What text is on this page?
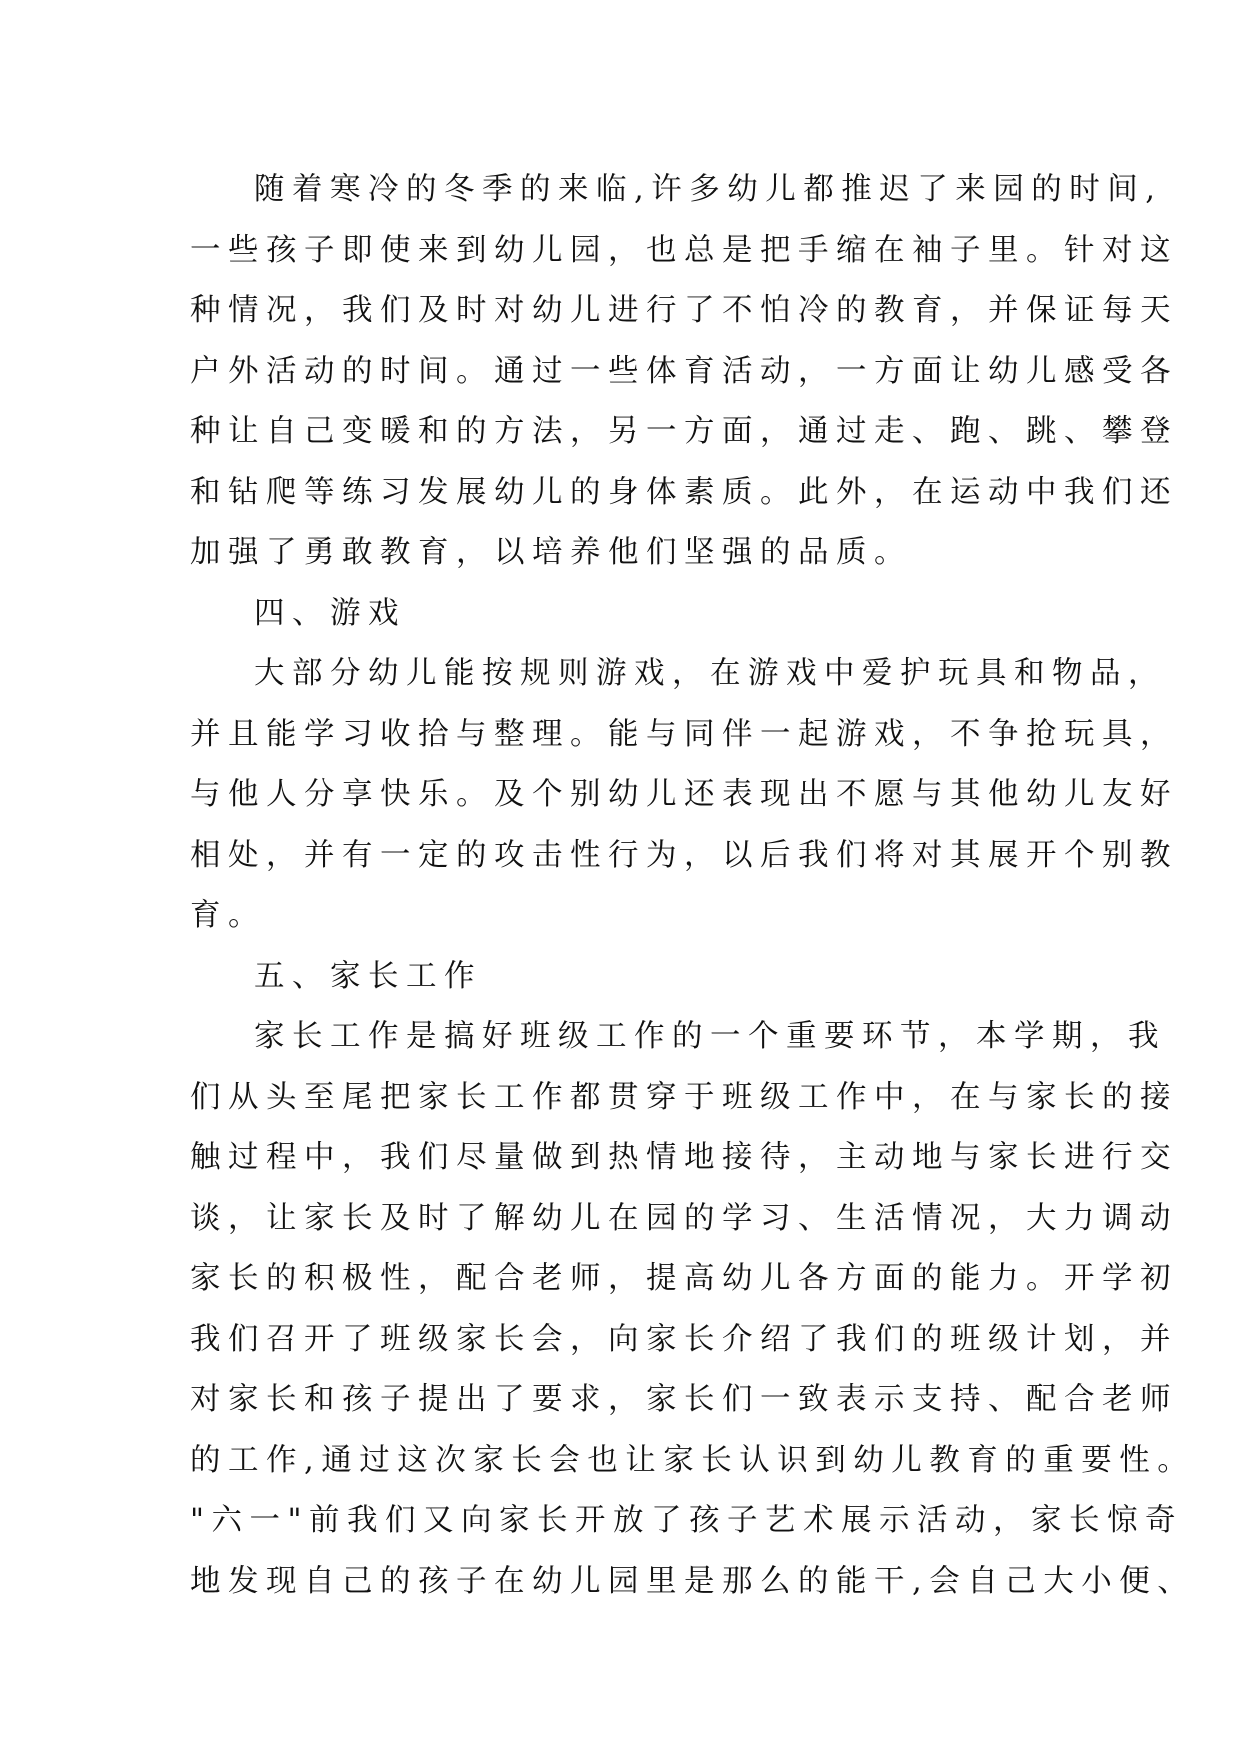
随着寒冷的冬季的来临,许多幼儿都推迟了来园的时间,
一些孩子即使来到幼儿园，也总是把手缩在袖子里。针对这
种情况，我们及时对幼儿进行了不怕冷的教育，并保证每天
户外活动的时间。通过一些体育活动，一方面让幼儿感受各
种让自己变暖和的方法，另一方面，通过走、跑、跳、攀登
和钻爬等练习发展幼儿的身体素质。此外，在运动中我们还
加强了勇敢教育，以培养他们坚强的品质。
四、游戏
大部分幼儿能按规则游戏，在游戏中爱护玩具和物品，
并且能学习收拾与整理。能与同伴一起游戏，不争抢玩具，
与他人分享快乐。及个别幼儿还表现出不愿与其他幼儿友好
相处，并有一定的攻击性行为，以后我们将对其展开个别教
育。
五、家长工作
家长工作是搞好班级工作的一个重要环节，本学期，我
们从头至尾把家长工作都贯穿于班级工作中，在与家长的接
触过程中，我们尽量做到热情地接待，主动地与家长进行交
谈，让家长及时了解幼儿在园的学习、生活情况，大力调动
家长的积极性，配合老师，提高幼儿各方面的能力。开学初
我们召开了班级家长会，向家长介绍了我们的班级计划，并
对家长和孩子提出了要求，家长们一致表示支持、配合老师
的工作,通过这次家长会也让家长认识到幼儿教育的重要性。
"六一"前我们又向家长开放了孩子艺术展示活动，家长惊奇
地发现自己的孩子在幼儿园里是那么的能干,会自己大小便、
